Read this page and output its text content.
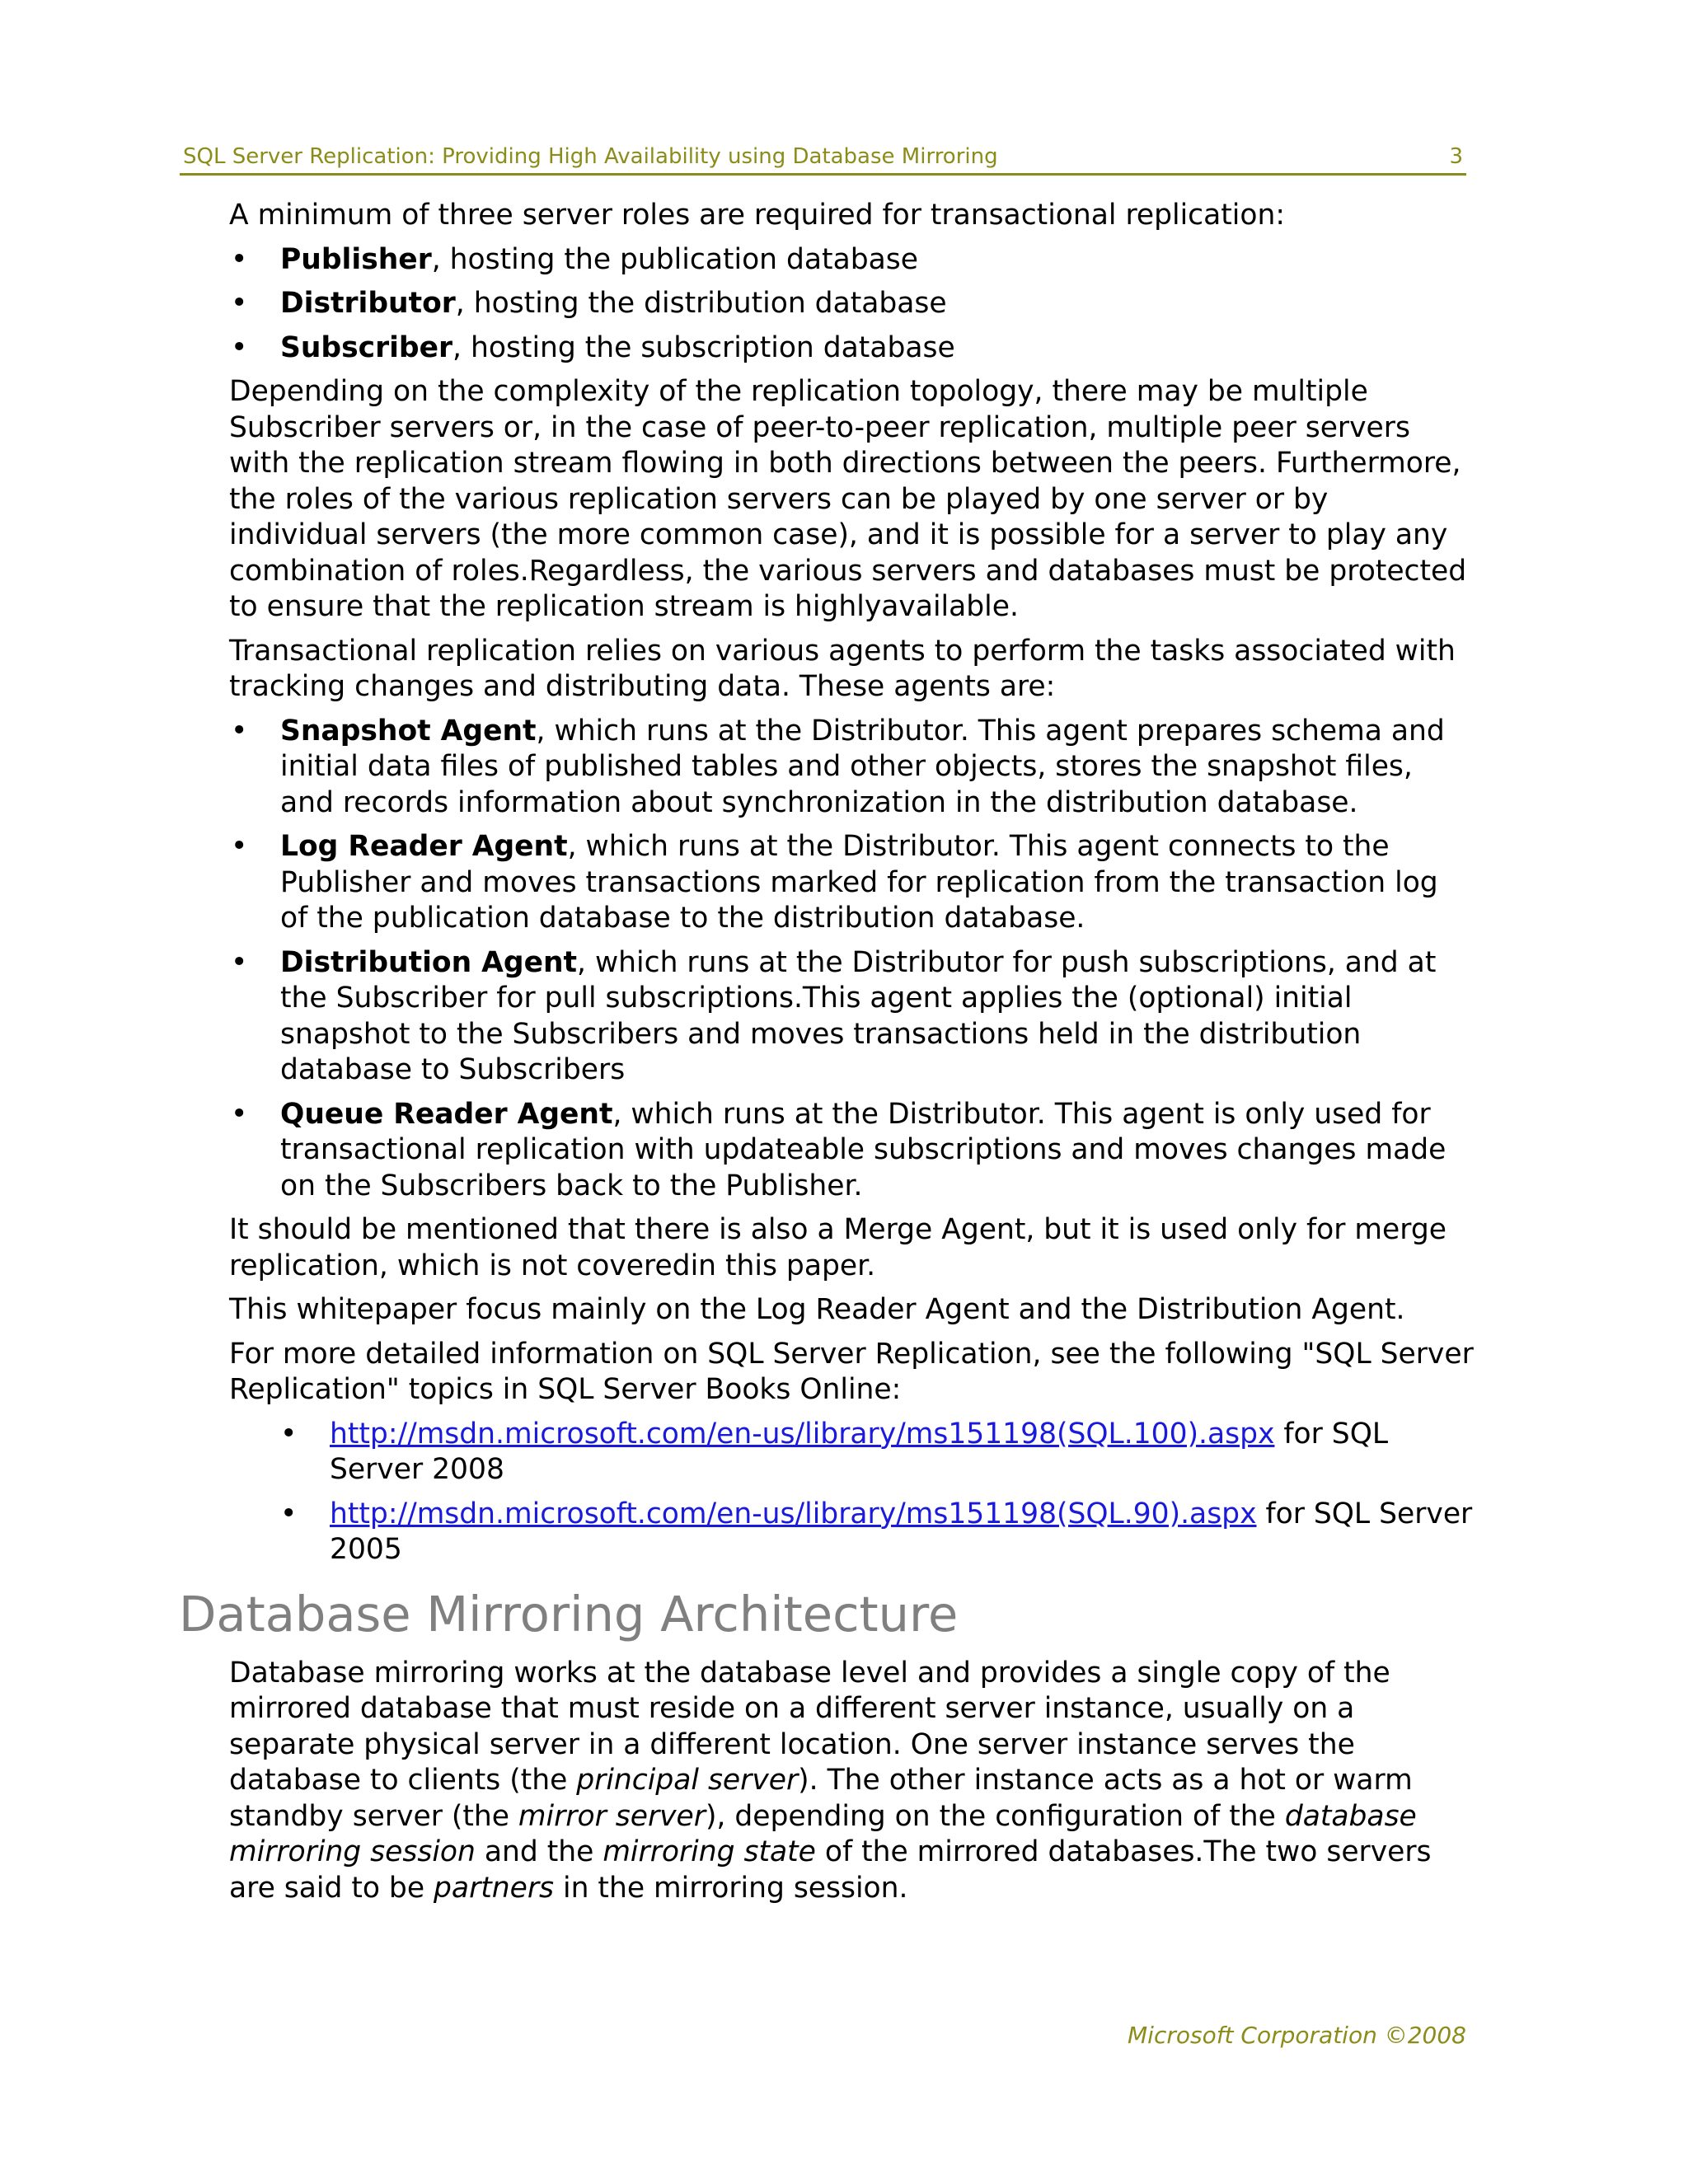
SQL Server Replication: Providing High Availability using Database Mirroring	3

A minimum of three server roles are required for transactional replication:

• Publisher, hosting the publication database
• Distributor, hosting the distribution database
• Subscriber, hosting the subscription database

Depending on the complexity of the replication topology, there may be multiple Subscriber servers or, in the case of peer-to-peer replication, multiple peer servers with the replication stream flowing in both directions between the peers. Furthermore, the roles of the various replication servers can be played by one server or by individual servers (the more common case), and it is possible for a server to play any combination of roles.Regardless, the various servers and databases must be protected to ensure that the replication stream is highlyavailable.

Transactional replication relies on various agents to perform the tasks associated with tracking changes and distributing data. These agents are:

• Snapshot Agent, which runs at the Distributor. This agent prepares schema and initial data files of published tables and other objects, stores the snapshot files, and records information about synchronization in the distribution database.
• Log Reader Agent, which runs at the Distributor. This agent connects to the Publisher and moves transactions marked for replication from the transaction log of the publication database to the distribution database.
• Distribution Agent, which runs at the Distributor for push subscriptions, and at the Subscriber for pull subscriptions.This agent applies the (optional) initial snapshot to the Subscribers and moves transactions held in the distribution database to Subscribers
• Queue Reader Agent, which runs at the Distributor. This agent is only used for transactional replication with updateable subscriptions and moves changes made on the Subscribers back to the Publisher.

It should be mentioned that there is also a Merge Agent, but it is used only for merge replication, which is not coveredin this paper.

This whitepaper focus mainly on the Log Reader Agent and the Distribution Agent.

For more detailed information on SQL Server Replication, see the following "SQL Server Replication" topics in SQL Server Books Online:

• http://msdn.microsoft.com/en-us/library/ms151198(SQL.100).aspx for SQL Server 2008
• http://msdn.microsoft.com/en-us/library/ms151198(SQL.90).aspx for SQL Server 2005
Database Mirroring Architecture

Database mirroring works at the database level and provides a single copy of the mirrored database that must reside on a different server instance, usually on a separate physical server in a different location. One server instance serves the database to clients (the principal server). The other instance acts as a hot or warm standby server (the mirror server), depending on the configuration of the database mirroring session and the mirroring state of the mirrored databases.The two servers are said to be partners in the mirroring session.

Microsoft Corporation ©2008
